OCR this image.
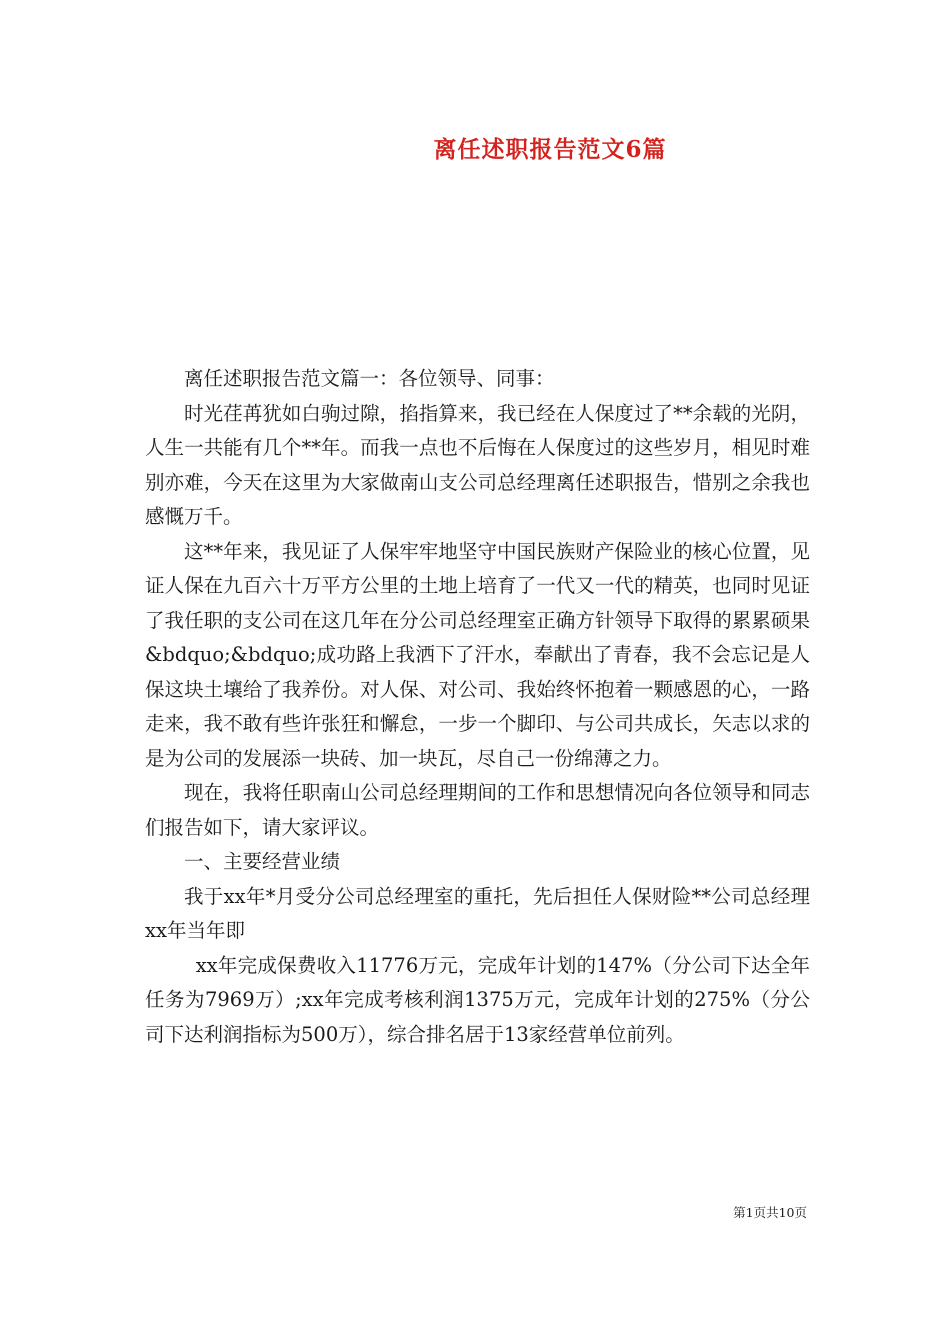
离任述职报告范文6篇

离任述职报告范文篇一：各位领导、同事：

时光荏苒犹如白驹过隙，掐指算来，我已经在人保度过了**余载的光阴，人生一共能有几个**年。而我一点也不后悔在人保度过的这些岁月，相见时难别亦难，今天在这里为大家做南山支公司总经理离任述职报告，惜别之余我也感慨万千。

这**年来，我见证了人保牢牢地坚守中国民族财产保险业的核心位置，见证人保在九百六十万平方公里的土地上培育了一代又一代的精英，也同时见证了我任职的支公司在这几年在分公司总经理室正确方针领导下取得的累累硕果&bdquo;&bdquo;成功路上我洒下了汗水，奉献出了青春，我不会忘记是人保这块土壤给了我养份。对人保、对公司、我始终怀抱着一颗感恩的心，一路走来，我不敢有些许张狂和懈怠，一步一个脚印、与公司共成长，矢志以求的是为公司的发展添一块砖、加一块瓦，尽自己一份绵薄之力。

现在，我将任职南山公司总经理期间的工作和思想情况向各位领导和同志们报告如下，请大家评议。

一、主要经营业绩

我于xx年*月受分公司总经理室的重托，先后担任人保财险**公司总经理xx年当年即

xx年完成保费收入11776万元，完成年计划的147%（分公司下达全年任务为7969万）;xx年完成考核利润1375万元，完成年计划的275%（分公司下达利润指标为500万），综合排名居于13家经营单位前列。

第1页共10页
